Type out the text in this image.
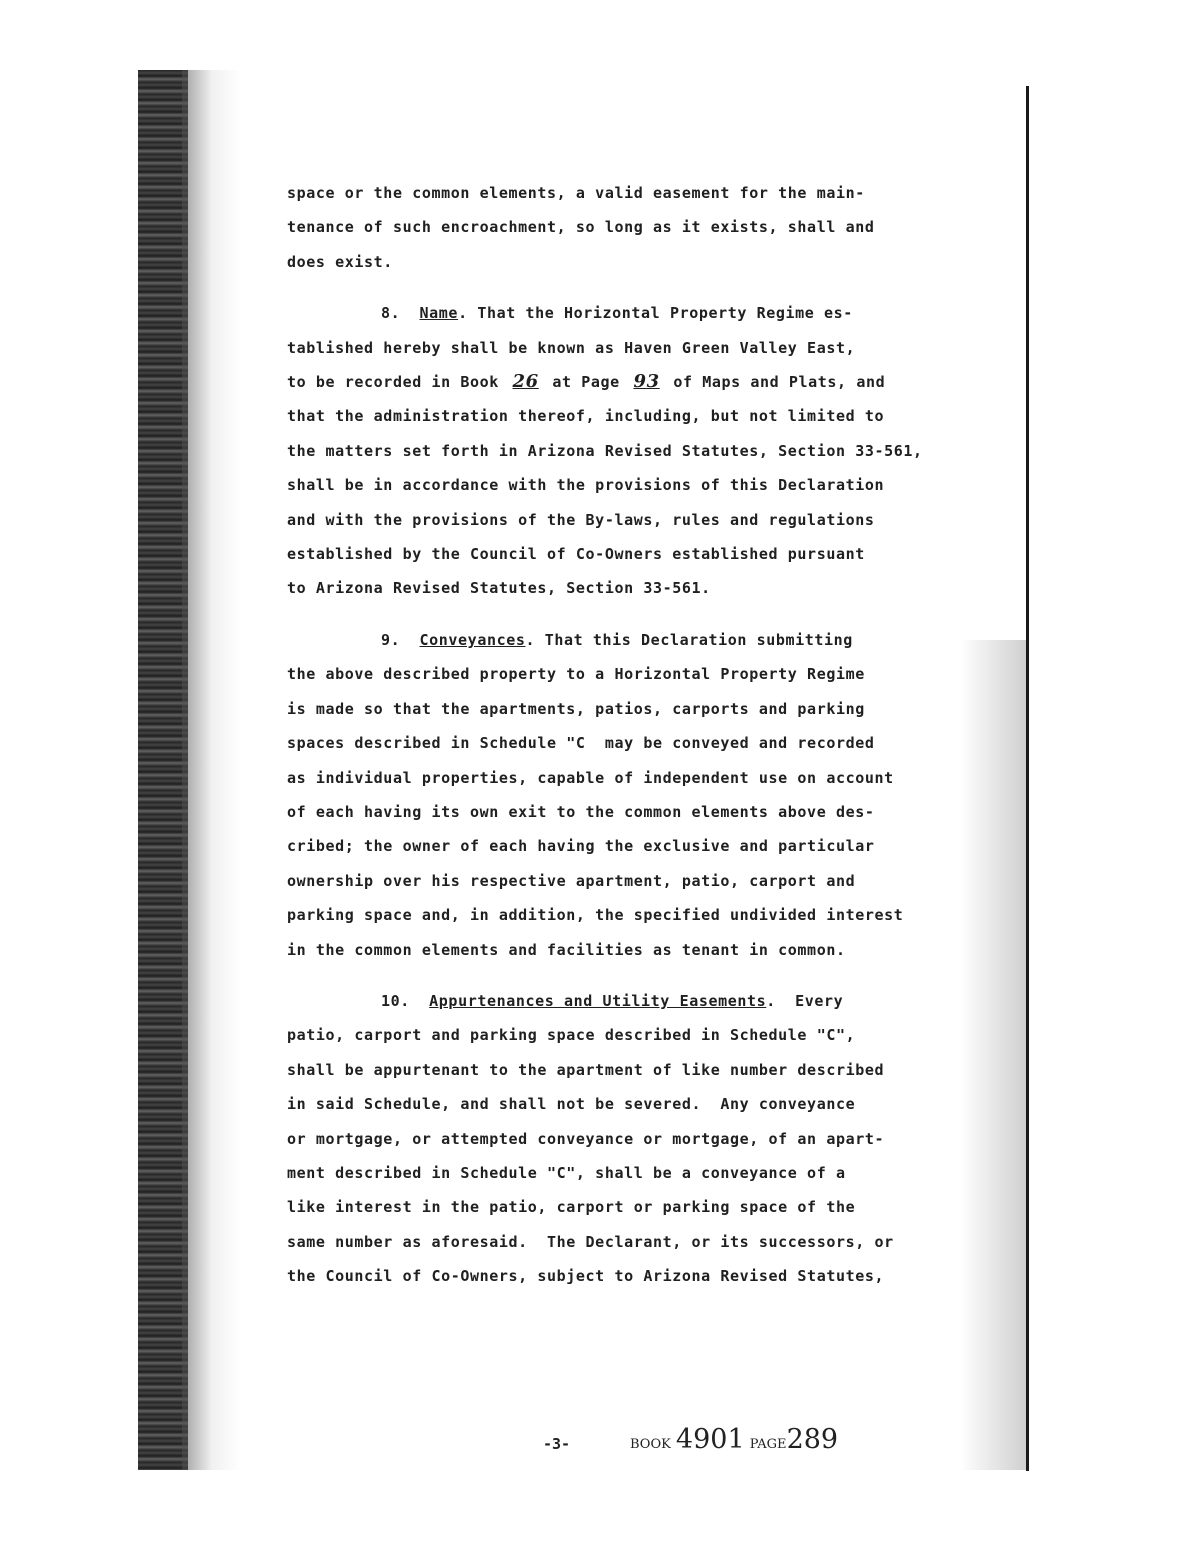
space or the common elements, a valid easement for the main-
tenance of such encroachment, so long as it exists, shall and
does exist.
8. Name. That the Horizontal Property Regime es-
tablished hereby shall be known as Haven Green Valley East,
to be recorded in Book 26 at Page 93 of Maps and Plats, and
that the administration thereof, including, but not limited to
the matters set forth in Arizona Revised Statutes, Section 33-561,
shall be in accordance with the provisions of this Declaration
and with the provisions of the By-laws, rules and regulations
established by the Council of Co-Owners established pursuant
to Arizona Revised Statutes, Section 33-561.
9. Conveyances. That this Declaration submitting
the above described property to a Horizontal Property Regime
is made so that the apartments, patios, carports and parking
spaces described in Schedule "C  may be conveyed and recorded
as individual properties, capable of independent use on account
of each having its own exit to the common elements above des-
cribed; the owner of each having the exclusive and particular
ownership over his respective apartment, patio, carport and
parking space and, in addition, the specified undivided interest
in the common elements and facilities as tenant in common.
10. Appurtenances and Utility Easements.  Every
patio, carport and parking space described in Schedule "C",
shall be appurtenant to the apartment of like number described
in said Schedule, and shall not be severed.  Any conveyance
or mortgage, or attempted conveyance or mortgage, of an apart-
ment described in Schedule "C", shall be a conveyance of a
like interest in the patio, carport or parking space of the
same number as aforesaid.  The Declarant, or its successors, or
the Council of Co-Owners, subject to Arizona Revised Statutes,
-3-	BOOK 4901 PAGE289
